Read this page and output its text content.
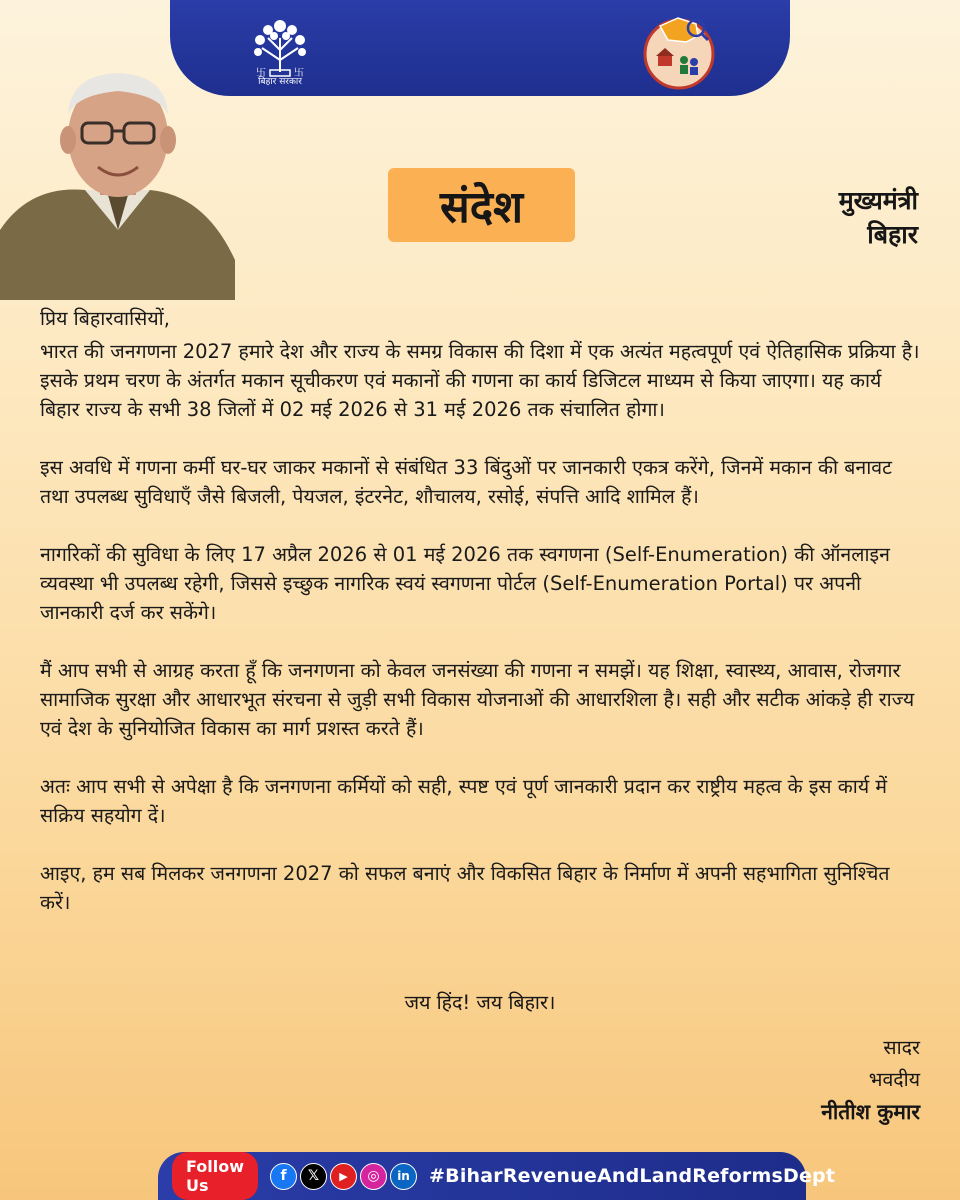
卐	卐
बिहार सरकार
संदेश	मुख्यमंत्री
बिहार

प्रिय बिहारवासियों,

भारत की जनगणना 2027 हमारे देश और राज्य के समग्र विकास की दिशा में एक अत्यंत महत्वपूर्ण एवं ऐतिहासिक प्रक्रिया है। इसके प्रथम चरण के अंतर्गत मकान सूचीकरण एवं मकानों की गणना का कार्य डिजिटल माध्यम से किया जाएगा। यह कार्य बिहार राज्य के सभी 38 जिलों में 02 मई 2026 से 31 मई 2026 तक संचालित होगा।

इस अवधि में गणना कर्मी घर-घर जाकर मकानों से संबंधित 33 बिंदुओं पर जानकारी एकत्र करेंगे, जिनमें मकान की बनावट तथा उपलब्ध सुविधाएँ जैसे बिजली, पेयजल, इंटरनेट, शौचालय, रसोई, संपत्ति आदि शामिल हैं।

नागरिकों की सुविधा के लिए 17 अप्रैल 2026 से 01 मई 2026 तक स्वगणना (Self-Enumeration) की ऑनलाइन व्यवस्था भी उपलब्ध रहेगी, जिससे इच्छुक नागरिक स्वयं स्वगणना पोर्टल (Self-Enumeration Portal) पर अपनी जानकारी दर्ज कर सकेंगे।

मैं आप सभी से आग्रह करता हूँ कि जनगणना को केवल जनसंख्या की गणना न समझें। यह शिक्षा, स्वास्थ्य, आवास, रोजगार सामाजिक सुरक्षा और आधारभूत संरचना से जुड़ी सभी विकास योजनाओं की आधारशिला है। सही और सटीक आंकड़े ही राज्य एवं देश के सुनियोजित विकास का मार्ग प्रशस्त करते हैं।

अतः आप सभी से अपेक्षा है कि जनगणना कर्मियों को सही, स्पष्ट एवं पूर्ण जानकारी प्रदान कर राष्ट्रीय महत्व के इस कार्य में सक्रिय सहयोग दें।

आइए, हम सब मिलकर जनगणना 2027 को सफल बनाएं और विकसित बिहार के निर्माण में अपनी सहभागिता सुनिश्चित करें।

जय हिंद! जय बिहार।
सादर
भवदीय
नीतीश कुमार
Follow Us	f	𝕏	▶	◎	in	#BiharRevenueAndLandReformsDept
